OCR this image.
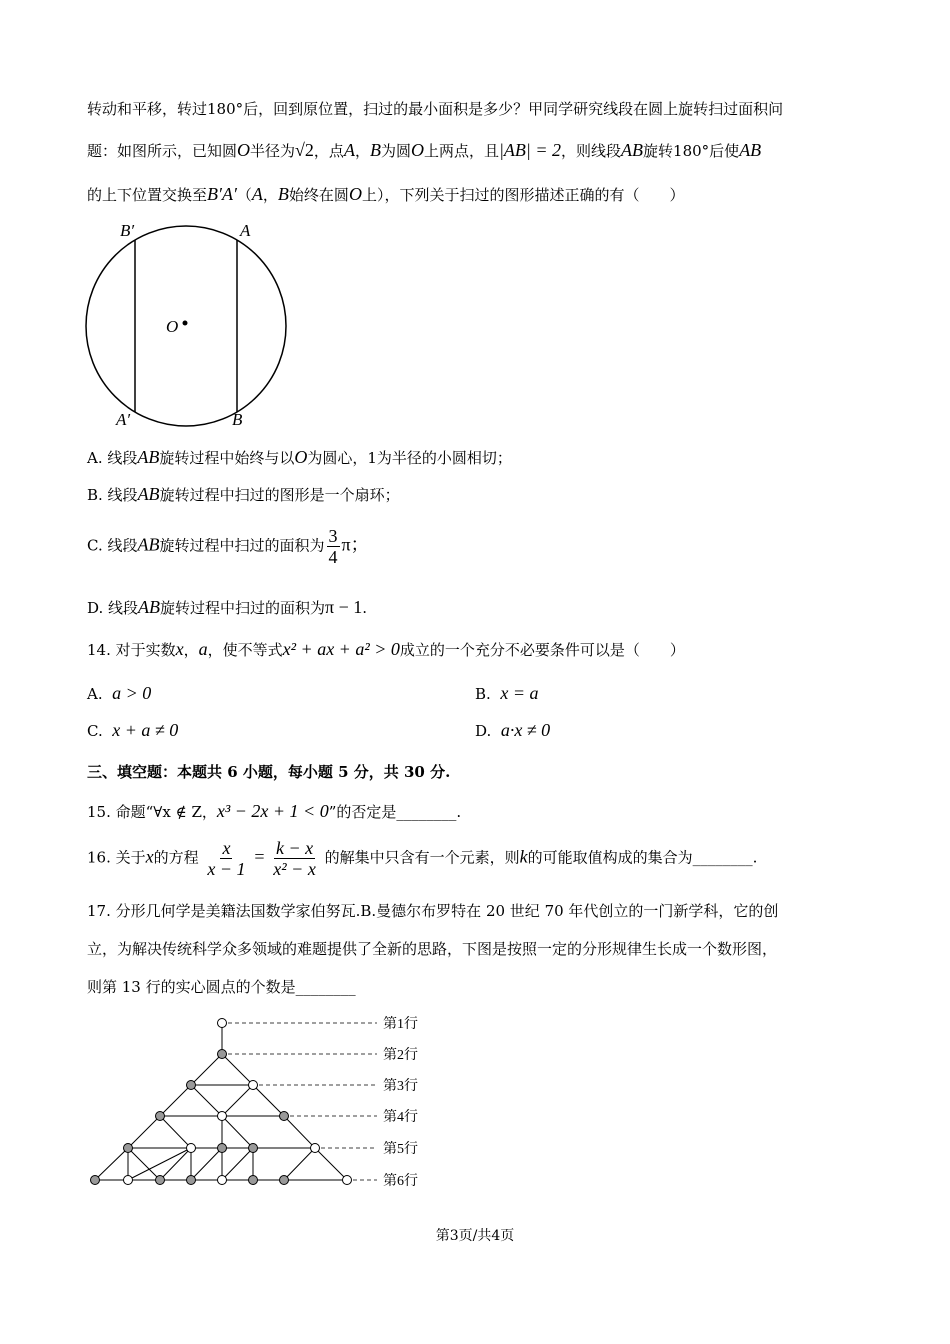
转动和平移，转过180°后，回到原位置，扫过的最小面积是多少？甲同学研究线段在圆上旋转扫过面积问
题：如图所示，已知圆O半径为√2，点A，B为圆O上两点，且|AB| = 2，则线段AB旋转180°后使AB
的上下位置交换至B′A′（A，B始终在圆O上），下列关于扫过的图形描述正确的有（　　）
B′	A
O
A′	B
A. 线段AB旋转过程中始终与以O为圆心，1为半径的小圆相切；
B. 线段AB旋转过程中扫过的图形是一个扇环；
C. 线段AB旋转过程中扫过的面积为 $\frac{3}{4}$ π；
D. 线段AB旋转过程中扫过的面积为π − 1.
14. 对于实数x，a，使不等式x² + ax + a² > 0成立的一个充分不必要条件可以是（　　）
A. a > 0	B. x = a
C. x + a ≠ 0	D. a·x ≠ 0
三、填空题：本题共 6 小题，每小题 5 分，共 30 分.
15. 命题“∀x ∉ Z，x³ − 2x + 1 < 0”的否定是________.
16. 关于x的方程 $\frac{x}{x - 1} = \frac{k - x}{\text{x² − x}}$ 的解集中只含有一个元素，则k的可能取值构成的集合为________.
17. 分形几何学是美籍法国数学家伯努瓦.B.曼德尔布罗特在 20 世纪 70 年代创立的一门新学科，它的创
立，为解决传统科学众多领域的难题提供了全新的思路，下图是按照一定的分形规律生长成一个数形图，
则第 13 行的实心圆点的个数是________
第1行
第2行
第3行
第4行
第5行
第6行
第3页/共4页
